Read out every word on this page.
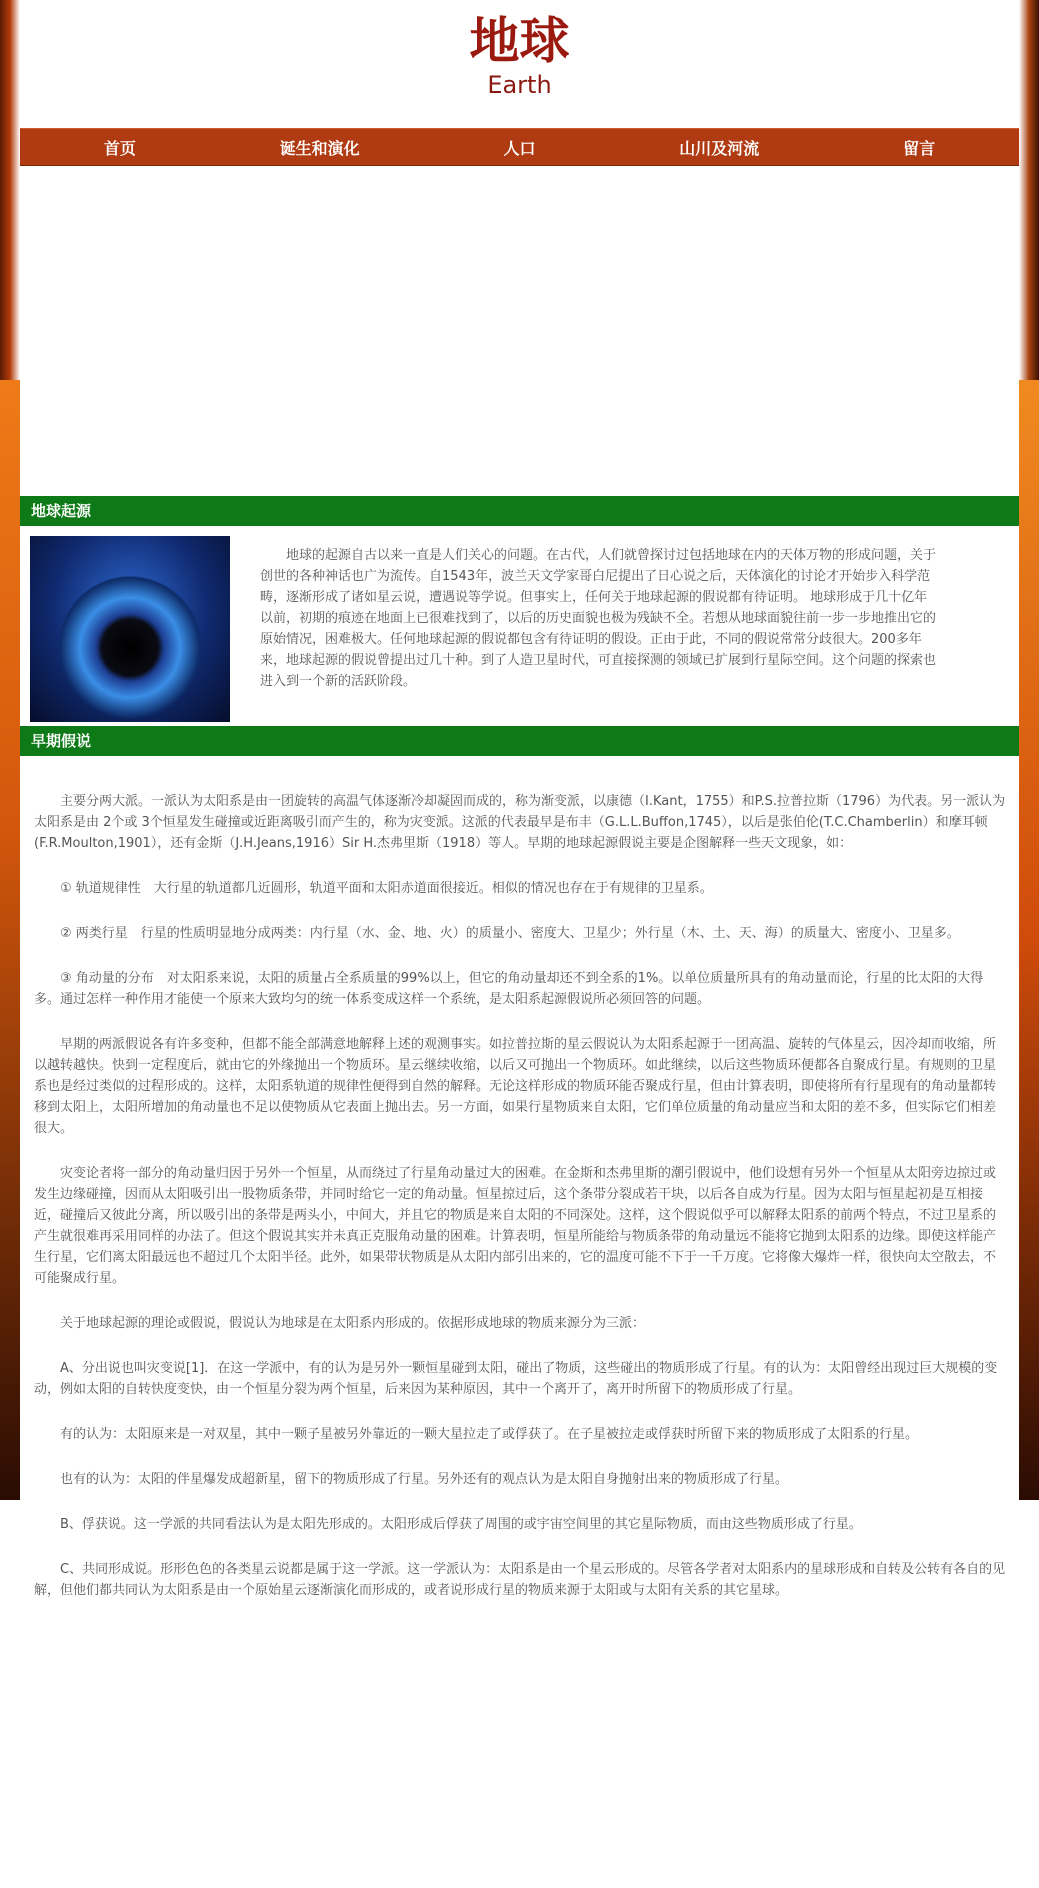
地球
Earth
首页	诞生和演化	人口	山川及河流	留言
地球起源
地球的起源自古以来一直是人们关心的问题。在古代，人们就曾探讨过包括地球在内的天体万物的形成问题，关于创世的各种神话也广为流传。自1543年，波兰天文学家哥白尼提出了日心说之后，天体演化的讨论才开始步入科学范畴，逐渐形成了诸如星云说，遭遇说等学说。但事实上，任何关于地球起源的假说都有待证明。 地球形成于几十亿年以前，初期的痕迹在地面上已很难找到了，以后的历史面貌也极为残缺不全。若想从地球面貌往前一步一步地推出它的原始情况，困难极大。任何地球起源的假说都包含有待证明的假设。正由于此，不同的假说常常分歧很大。200多年来，地球起源的假说曾提出过几十种。到了人造卫星时代，可直接探测的领域已扩展到行星际空间。这个问题的探索也进入到一个新的活跃阶段。
早期假说

主要分两大派。一派认为太阳系是由一团旋转的高温气体逐渐冷却凝固而成的，称为渐变派，以康德（I.Kant，1755）和P.S.拉普拉斯（1796）为代表。另一派认为太阳系是由 2个或 3个恒星发生碰撞或近距离吸引而产生的，称为灾变派。这派的代表最早是布丰（G.L.L.Buffon,1745），以后是张伯伦(T.C.Chamberlin）和摩耳顿(F.R.Moulton,1901），还有金斯（J.H.Jeans,1916）Sir H.杰弗里斯（1918）等人。早期的地球起源假说主要是企图解释一些天文现象，如：

① 轨道规律性　大行星的轨道都几近圆形，轨道平面和太阳赤道面很接近。相似的情况也存在于有规律的卫星系。

② 两类行星　行星的性质明显地分成两类：内行星（水、金、地、火）的质量小、密度大、卫星少；外行星（木、土、天、海）的质量大、密度小、卫星多。

③ 角动量的分布　对太阳系来说，太阳的质量占全系质量的99%以上，但它的角动量却还不到全系的1%。以单位质量所具有的角动量而论，行星的比太阳的大得多。通过怎样一种作用才能使一个原来大致均匀的统一体系变成这样一个系统，是太阳系起源假说所必须回答的问题。

早期的两派假说各有许多变种，但都不能全部满意地解释上述的观测事实。如拉普拉斯的星云假说认为太阳系起源于一团高温、旋转的气体星云，因冷却而收缩，所以越转越快。快到一定程度后，就由它的外缘抛出一个物质环。星云继续收缩，以后又可抛出一个物质环。如此继续，以后这些物质环便都各自聚成行星。有规则的卫星系也是经过类似的过程形成的。这样，太阳系轨道的规律性便得到自然的解释。无论这样形成的物质环能否聚成行星，但由计算表明，即使将所有行星现有的角动量都转移到太阳上，太阳所增加的角动量也不足以使物质从它表面上抛出去。另一方面，如果行星物质来自太阳，它们单位质量的角动量应当和太阳的差不多，但实际它们相差很大。

灾变论者将一部分的角动量归因于另外一个恒星，从而绕过了行星角动量过大的困难。在金斯和杰弗里斯的潮引假说中，他们设想有另外一个恒星从太阳旁边掠过或发生边缘碰撞，因而从太阳吸引出一股物质条带，并同时给它一定的角动量。恒星掠过后，这个条带分裂成若干块，以后各自成为行星。因为太阳与恒星起初是互相接近，碰撞后又彼此分离，所以吸引出的条带是两头小，中间大，并且它的物质是来自太阳的不同深处。这样，这个假说似乎可以解释太阳系的前两个特点，不过卫星系的产生就很难再采用同样的办法了。但这个假说其实并未真正克服角动量的困难。计算表明，恒星所能给与物质条带的角动量远不能将它抛到太阳系的边缘。即使这样能产生行星，它们离太阳最远也不超过几个太阳半径。此外，如果带状物质是从太阳内部引出来的，它的温度可能不下于一千万度。它将像大爆炸一样，很快向太空散去，不可能聚成行星。

关于地球起源的理论或假说，假说认为地球是在太阳系内形成的。依据形成地球的物质来源分为三派：

A、分出说也叫灾变说[1]．在这一学派中，有的认为是另外一颗恒星碰到太阳，碰出了物质，这些碰出的物质形成了行星。有的认为：太阳曾经出现过巨大规模的变动，例如太阳的自转快度变快，由一个恒星分裂为两个恒星，后来因为某种原因，其中一个离开了，离开时所留下的物质形成了行星。

有的认为：太阳原来是一对双星，其中一颗子星被另外靠近的一颗大星拉走了或俘获了。在子星被拉走或俘获时所留下来的物质形成了太阳系的行星。

也有的认为：太阳的伴星爆发成超新星，留下的物质形成了行星。另外还有的观点认为是太阳自身抛射出来的物质形成了行星。

B、俘获说。这一学派的共同看法认为是太阳先形成的。太阳形成后俘获了周围的或宇宙空间里的其它星际物质，而由这些物质形成了行星。

C、共同形成说。形形色色的各类星云说都是属于这一学派。这一学派认为：太阳系是由一个星云形成的。尽管各学者对太阳系内的星球形成和自转及公转有各自的见解，但他们都共同认为太阳系是由一个原始星云逐渐演化而形成的，或者说形成行星的物质来源于太阳或与太阳有关系的其它星球。
